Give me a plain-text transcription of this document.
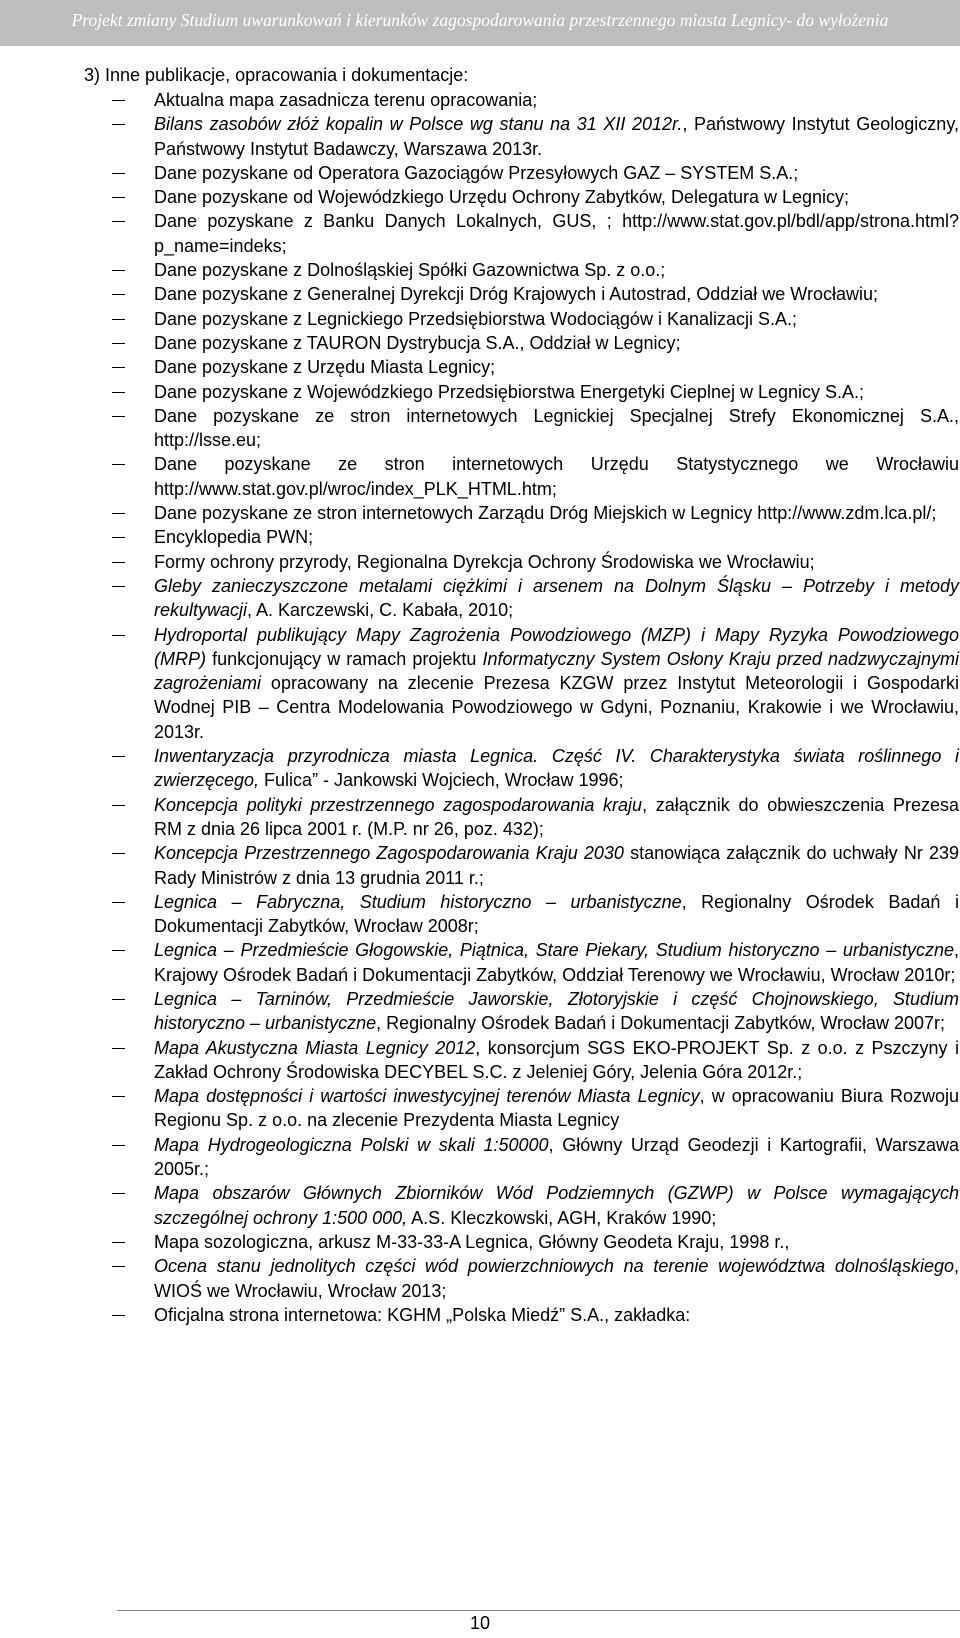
Projekt zmiany Studium uwarunkowań i kierunków zagospodarowania przestrzennego miasta Legnicy- do wyłożenia
3) Inne publikacje, opracowania i dokumentacje:
Aktualna mapa zasadnicza terenu opracowania;
Bilans zasobów złóż kopalin w Polsce wg stanu na 31 XII 2012r., Państwowy Instytut Geologiczny, Państwowy Instytut Badawczy, Warszawa 2013r.
Dane pozyskane od Operatora Gazociągów Przesyłowych GAZ – SYSTEM S.A.;
Dane pozyskane od Wojewódzkiego Urzędu Ochrony Zabytków, Delegatura w Legnicy;
Dane pozyskane z Banku Danych Lokalnych, GUS, ; http://www.stat.gov.pl/bdl/app/strona.html?p_name=indeks;
Dane pozyskane z Dolnośląskiej Spółki Gazownictwa Sp. z o.o.;
Dane pozyskane z Generalnej Dyrekcji Dróg Krajowych i Autostrad, Oddział we Wrocławiu;
Dane pozyskane z Legnickiego Przedsiębiorstwa Wodociągów i Kanalizacji S.A.;
Dane pozyskane z TAURON Dystrybucja S.A., Oddział w Legnicy;
Dane pozyskane z Urzędu Miasta Legnicy;
Dane pozyskane z Wojewódzkiego Przedsiębiorstwa Energetyki Cieplnej w Legnicy S.A.;
Dane pozyskane ze stron internetowych Legnickiej Specjalnej Strefy Ekonomicznej S.A., http://lsse.eu;
Dane pozyskane ze stron internetowych Urzędu Statystycznego we Wrocławiu http://www.stat.gov.pl/wroc/index_PLK_HTML.htm;
Dane pozyskane ze stron internetowych Zarządu Dróg Miejskich w Legnicy http://www.zdm.lca.pl/;
Encyklopedia PWN;
Formy ochrony przyrody, Regionalna Dyrekcja Ochrony Środowiska we Wrocławiu;
Gleby zanieczyszczone metalami ciężkimi i arsenem na Dolnym Śląsku – Potrzeby i metody rekultywacji, A. Karczewski, C. Kabała, 2010;
Hydroportal publikujący Mapy Zagrożenia Powodziowego (MZP) i Mapy Ryzyka Powodziowego (MRP) funkcjonujący w ramach projektu Informatyczny System Osłony Kraju przed nadzwyczajnymi zagrożeniami opracowany na zlecenie Prezesa KZGW przez Instytut Meteorologii i Gospodarki Wodnej PIB – Centra Modelowania Powodziowego w Gdyni, Poznaniu, Krakowie i we Wrocławiu, 2013r.
Inwentaryzacja przyrodnicza miasta Legnica. Część IV. Charakterystyka świata roślinnego i zwierzęcego, Fulica” - Jankowski Wojciech, Wrocław 1996;
Koncepcja polityki przestrzennego zagospodarowania kraju, załącznik do obwieszczenia Prezesa RM z dnia 26 lipca 2001 r. (M.P. nr 26, poz. 432);
Koncepcja Przestrzennego Zagospodarowania Kraju 2030 stanowiąca załącznik do uchwały Nr 239 Rady Ministrów z dnia 13 grudnia 2011 r.;
Legnica – Fabryczna, Studium historyczno – urbanistyczne, Regionalny Ośrodek Badań i Dokumentacji Zabytków, Wrocław 2008r;
Legnica – Przedmieście Głogowskie, Piątnica, Stare Piekary, Studium historyczno – urbanistyczne, Krajowy Ośrodek Badań i Dokumentacji Zabytków, Oddział Terenowy we Wrocławiu, Wrocław 2010r;
Legnica – Tarninów, Przedmieście Jaworskie, Złotoryjskie i część Chojnowskiego, Studium historyczno – urbanistyczne, Regionalny Ośrodek Badań i Dokumentacji Zabytków, Wrocław 2007r;
Mapa Akustyczna Miasta Legnicy 2012, konsorcjum SGS EKO-PROJEKT Sp. z o.o. z Pszczyny i Zakład Ochrony Środowiska DECYBEL S.C. z Jeleniej Góry, Jelenia Góra 2012r.;
Mapa dostępności i wartości inwestycyjnej terenów Miasta Legnicy, w opracowaniu Biura Rozwoju Regionu Sp. z o.o. na zlecenie Prezydenta Miasta Legnicy
Mapa Hydrogeologiczna Polski w skali 1:50000, Główny Urząd Geodezji i Kartografii, Warszawa 2005r.;
Mapa obszarów Głównych Zbiorników Wód Podziemnych (GZWP) w Polsce wymagających szczególnej ochrony 1:500 000, A.S. Kleczkowski, AGH, Kraków 1990;
Mapa sozologiczna, arkusz M-33-33-A Legnica, Główny Geodeta Kraju, 1998 r.,
Ocena stanu jednolitych części wód powierzchniowych na terenie województwa dolnośląskiego, WIOŚ we Wrocławiu, Wrocław 2013;
Oficjalna strona internetowa: KGHM „Polska Miedź” S.A., zakładka:
10
